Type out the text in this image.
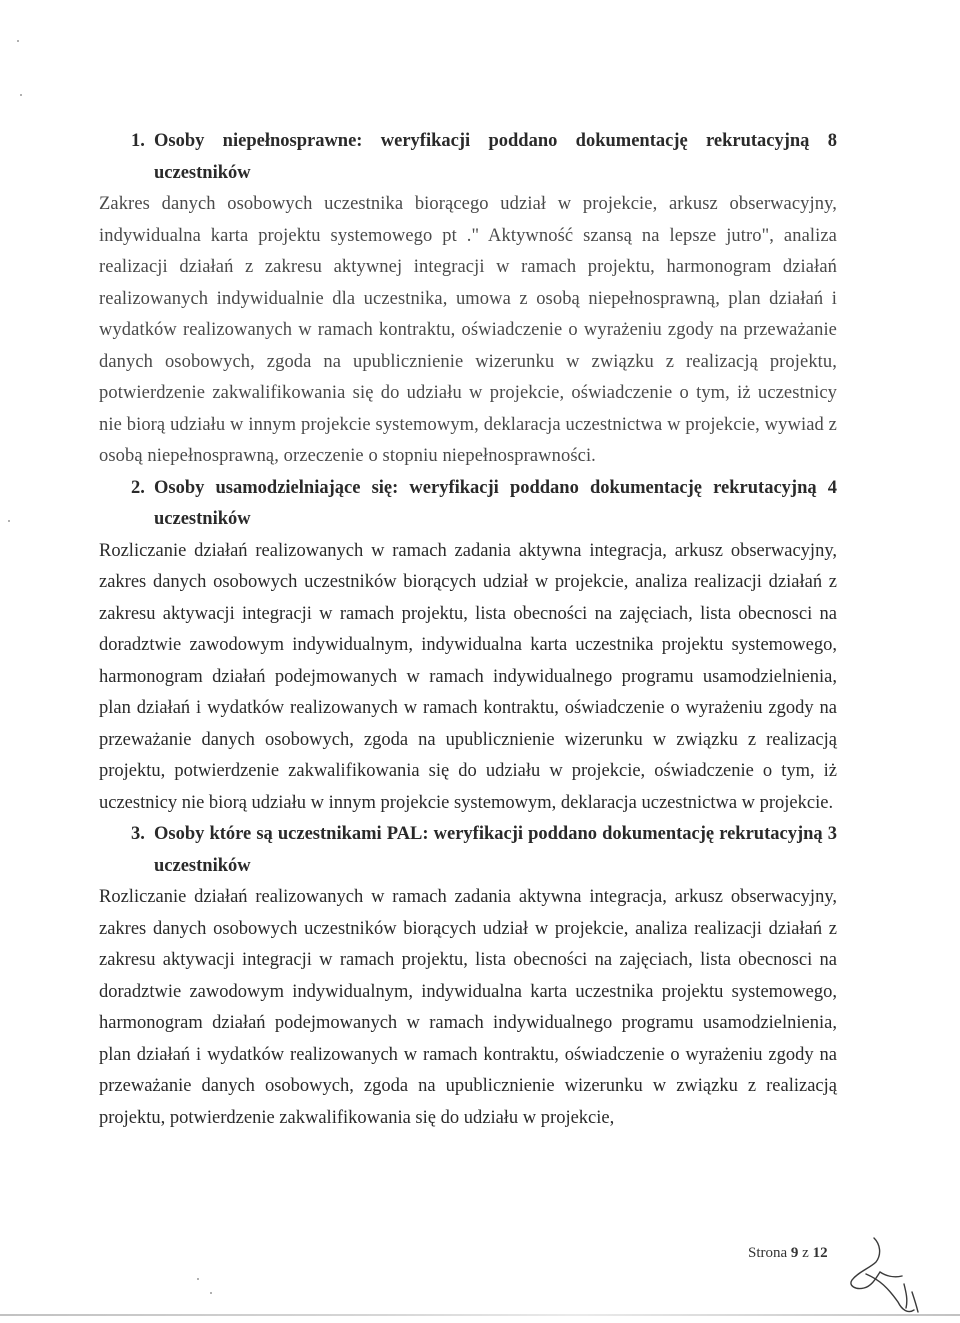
1. Osoby niepełnosprawne: weryfikacji poddano dokumentację rekrutacyjną 8 uczestników

Zakres danych osobowych uczestnika biorącego udział w projekcie, arkusz obserwacyjny, indywidualna karta projektu systemowego pt ." Aktywność szansą na lepsze jutro", analiza realizacji działań z zakresu aktywnej integracji w ramach projektu, harmonogram działań realizowanych indywidualnie dla uczestnika, umowa z osobą niepełnosprawną, plan działań i wydatków realizowanych w ramach kontraktu, oświadczenie o wyrażeniu zgody na przeważanie danych osobowych, zgoda na upublicznienie wizerunku w związku z realizacją projektu, potwierdzenie zakwalifikowania się do udziału w projekcie, oświadczenie o tym, iż uczestnicy nie biorą udziału w innym projekcie systemowym, deklaracja uczestnictwa w projekcie, wywiad z osobą niepełnosprawną, orzeczenie o stopniu niepełnosprawności.

2. Osoby usamodzielniające się: weryfikacji poddano dokumentację rekrutacyjną 4 uczestników

Rozliczanie działań realizowanych w ramach zadania aktywna integracja, arkusz obserwacyjny, zakres danych osobowych uczestników biorących udział w projekcie, analiza realizacji działań z zakresu aktywacji integracji w ramach projektu, lista obecności na zajęciach, lista obecnosci na doradztwie zawodowym indywidualnym, indywidualna karta uczestnika projektu systemowego, harmonogram działań podejmowanych w ramach indywidualnego programu usamodzielnienia, plan działań i wydatków realizowanych w ramach kontraktu, oświadczenie o wyrażeniu zgody na przeważanie danych osobowych, zgoda na upublicznienie wizerunku w związku z realizacją projektu, potwierdzenie zakwalifikowania się do udziału w projekcie, oświadczenie o tym, iż uczestnicy nie biorą udziału w innym projekcie systemowym, deklaracja uczestnictwa w projekcie.

3. Osoby które są uczestnikami PAL: weryfikacji poddano dokumentację rekrutacyjną 3 uczestników

Rozliczanie działań realizowanych w ramach zadania aktywna integracja, arkusz obserwacyjny, zakres danych osobowych uczestników biorących udział w projekcie, analiza realizacji działań z zakresu aktywacji integracji w ramach projektu, lista obecności na zajęciach, lista obecnosci na doradztwie zawodowym indywidualnym, indywidualna karta uczestnika projektu systemowego, harmonogram działań podejmowanych w ramach indywidualnego programu usamodzielnienia, plan działań i wydatków realizowanych w ramach kontraktu, oświadczenie o wyrażeniu zgody na przeważanie danych osobowych, zgoda na upublicznienie wizerunku w związku z realizacją projektu, potwierdzenie zakwalifikowania się do udziału w projekcie,

Strona 9 z 12
